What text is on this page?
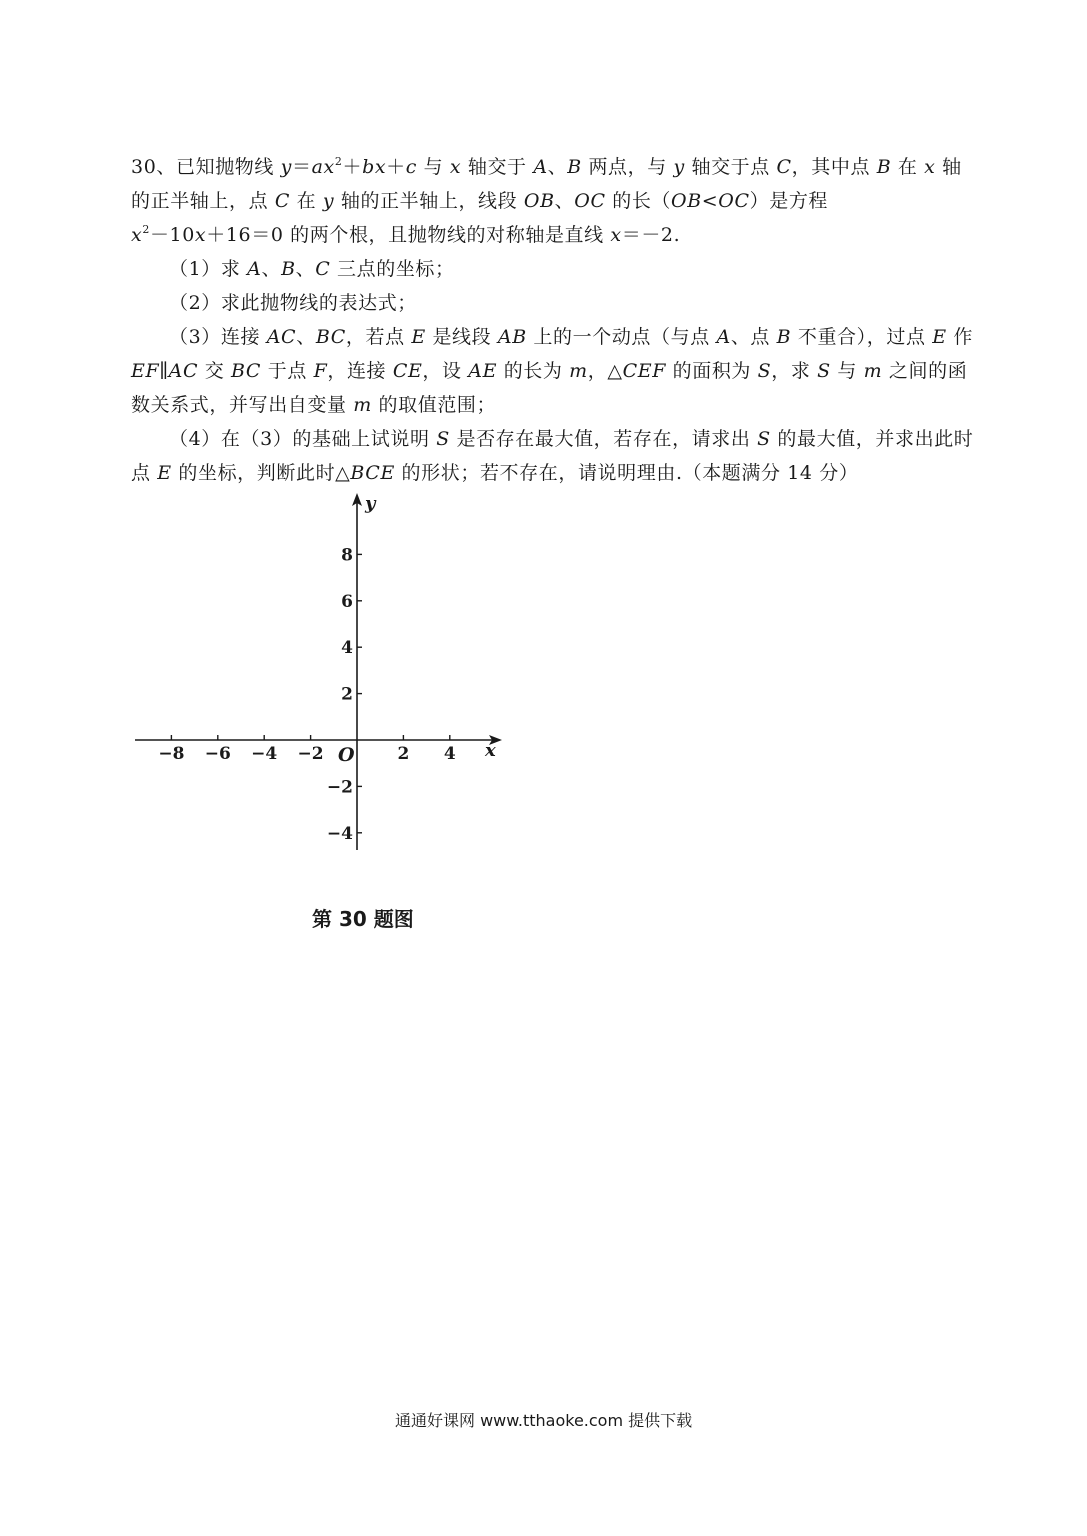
30、已知抛物线 $y=ax^2+bx+c$ 与 x 轴交于 A、B 两点，与 y 轴交于点 C，其中点 B 在 x 轴的正半轴上，点 C 在 y 轴的正半轴上，线段 OB、OC 的长（OB<OC）是方程

$x^2-10x+16=0$ 的两个根，且抛物线的对称轴是直线 x＝－2.

（1）求 A、B、C 三点的坐标；

（2）求此抛物线的表达式；

（3）连接 AC、BC，若点 E 是线段 AB 上的一个动点（与点 A、点 B 不重合），过点 E 作 EF∥AC 交 BC 于点 F，连接 CE，设 AE 的长为 m，△CEF 的面积为 S，求 S 与 m 之间的函数关系式，并写出自变量 m 的取值范围；

（4）在（3）的基础上试说明 S 是否存在最大值，若存在，请求出 S 的最大值，并求出此时点 E 的坐标，判断此时△BCE 的形状；若不存在，请说明理由.（本题满分 14 分）

−8 −6 −4 −2	2 4
8
6
4
2
−2
−4
x
y
O
第 30 题图
通通好课网 www.tthaoke.com 提供下载
